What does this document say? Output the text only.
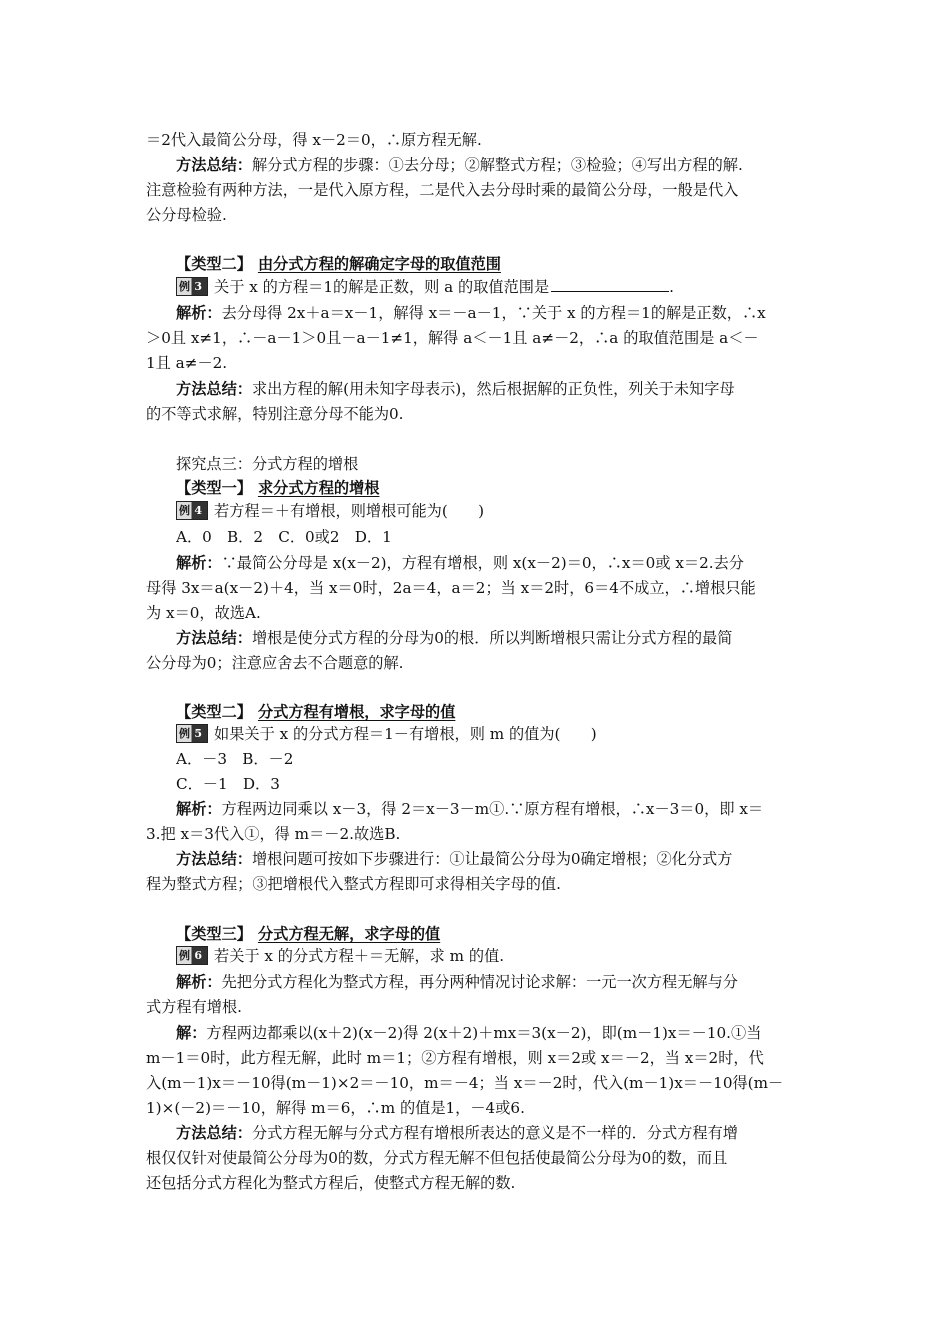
＝2代入最简公分母，得 x－2＝0，∴原方程无解.
方法总结：解分式方程的步骤：①去分母；②解整式方程；③检验；④写出方程的解.
注意检验有两种方法，一是代入原方程，二是代入去分母时乘的最简公分母，一般是代入
公分母检验.
【类型二】 由分式方程的解确定字母的取值范围
例 3 关于 x 的方程＝1的解是正数，则 a 的取值范围是	.
解析：去分母得 2x＋a＝x－1，解得 x＝－a－1，∵关于 x 的方程＝1的解是正数，∴x
＞0且 x≠1，∴－a－1＞0且－a－1≠1，解得 a＜－1且 a≠－2，∴a 的取值范围是 a＜－
1且 a≠－2.
方法总结：求出方程的解(用未知字母表示)，然后根据解的正负性，列关于未知字母
的不等式求解，特别注意分母不能为0.
探究点三：分式方程的增根
【类型一】 求分式方程的增根
例 4 若方程＝＋有增根，则增根可能为(　　)
A．0　B．2　C．0或2　D．1
解析：∵最简公分母是 x(x－2)，方程有增根，则 x(x－2)＝0，∴x＝0或 x＝2.去分
母得 3x＝a(x－2)＋4，当 x＝0时，2a＝4，a＝2；当 x＝2时，6＝4不成立，∴增根只能
为 x＝0，故选A.
方法总结：增根是使分式方程的分母为0的根．所以判断增根只需让分式方程的最简
公分母为0；注意应舍去不合题意的解.
【类型二】 分式方程有增根，求字母的值
例 5 如果关于 x 的分式方程＝1－有增根，则 m 的值为(　　)
A．－3　B．－2
C．－1　D．3
解析：方程两边同乘以 x－3，得 2＝x－3－m①.∵原方程有增根，∴x－3＝0，即 x＝
3.把 x＝3代入①，得 m＝－2.故选B.
方法总结：增根问题可按如下步骤进行：①让最简公分母为0确定增根；②化分式方
程为整式方程；③把增根代入整式方程即可求得相关字母的值.
【类型三】 分式方程无解，求字母的值
例 6 若关于 x 的分式方程＋＝无解，求 m 的值.
解析：先把分式方程化为整式方程，再分两种情况讨论求解：一元一次方程无解与分
式方程有增根.
解：方程两边都乘以(x＋2)(x－2)得 2(x＋2)＋mx＝3(x－2)，即(m－1)x＝－10.①当
m－1＝0时，此方程无解，此时 m＝1；②方程有增根，则 x＝2或 x＝－2，当 x＝2时，代
入(m－1)x＝－10得(m－1)×2＝－10，m＝－4；当 x＝－2时，代入(m－1)x＝－10得(m－
1)×(－2)＝－10，解得 m＝6，∴m 的值是1，－4或6.
方法总结：分式方程无解与分式方程有增根所表达的意义是不一样的．分式方程有增
根仅仅针对使最简公分母为0的数，分式方程无解不但包括使最简公分母为0的数，而且
还包括分式方程化为整式方程后，使整式方程无解的数.
